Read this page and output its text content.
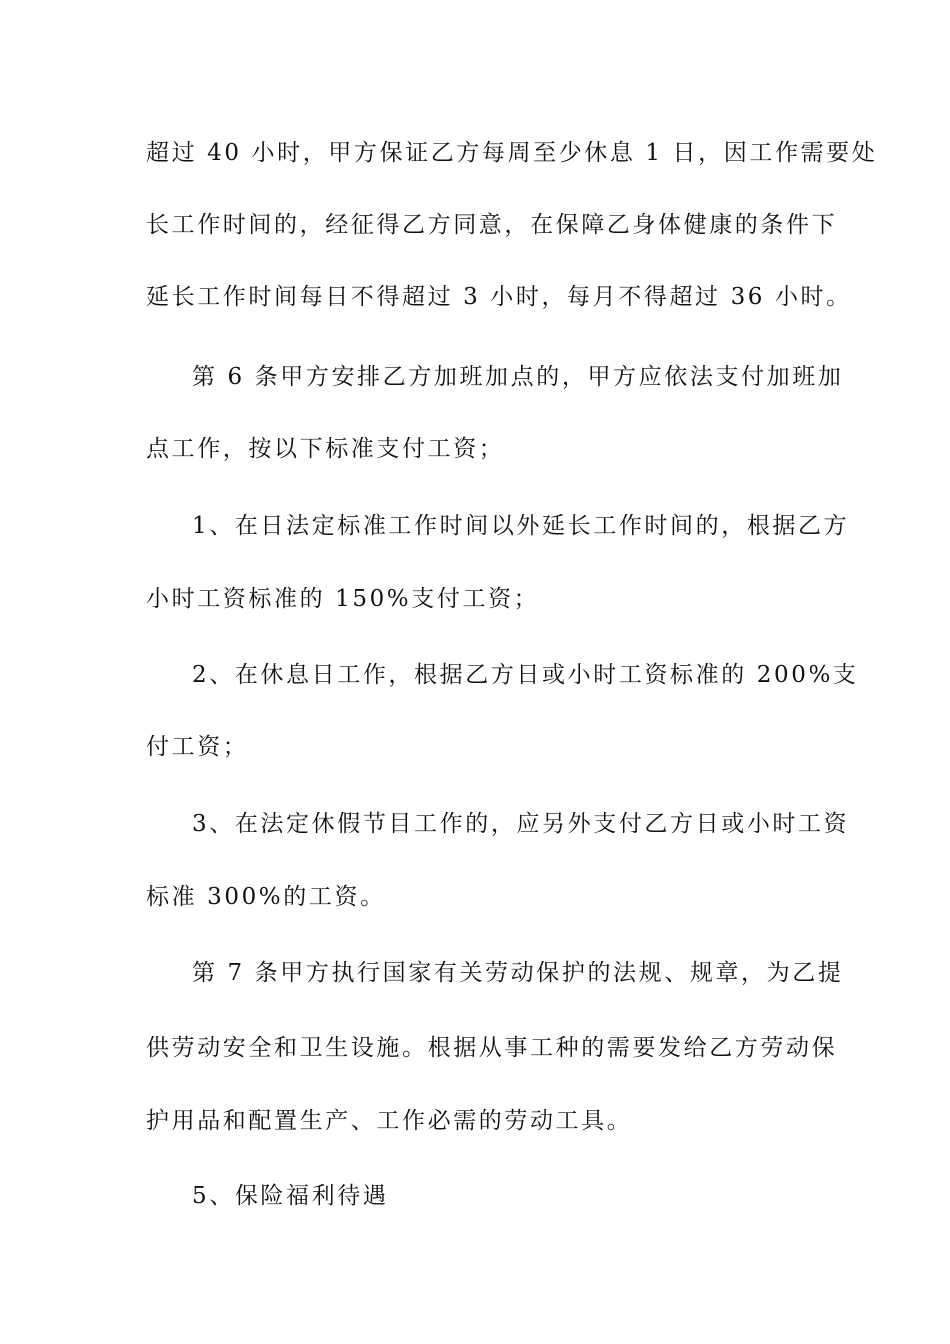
超过 40 小时，甲方保证乙方每周至少休息 1 日，因工作需要处
长工作时间的，经征得乙方同意，在保障乙身体健康的条件下
延长工作时间每日不得超过 3 小时，每月不得超过 36 小时。
第 6 条甲方安排乙方加班加点的，甲方应依法支付加班加
点工作，按以下标准支付工资；
1、在日法定标准工作时间以外延长工作时间的，根据乙方
小时工资标准的 150%支付工资；
2、在休息日工作，根据乙方日或小时工资标准的 200%支
付工资；
3、在法定休假节目工作的，应另外支付乙方日或小时工资
标准 300%的工资。
第 7 条甲方执行国家有关劳动保护的法规、规章，为乙提
供劳动安全和卫生设施。根据从事工种的需要发给乙方劳动保
护用品和配置生产、工作必需的劳动工具。
5、保险福利待遇
